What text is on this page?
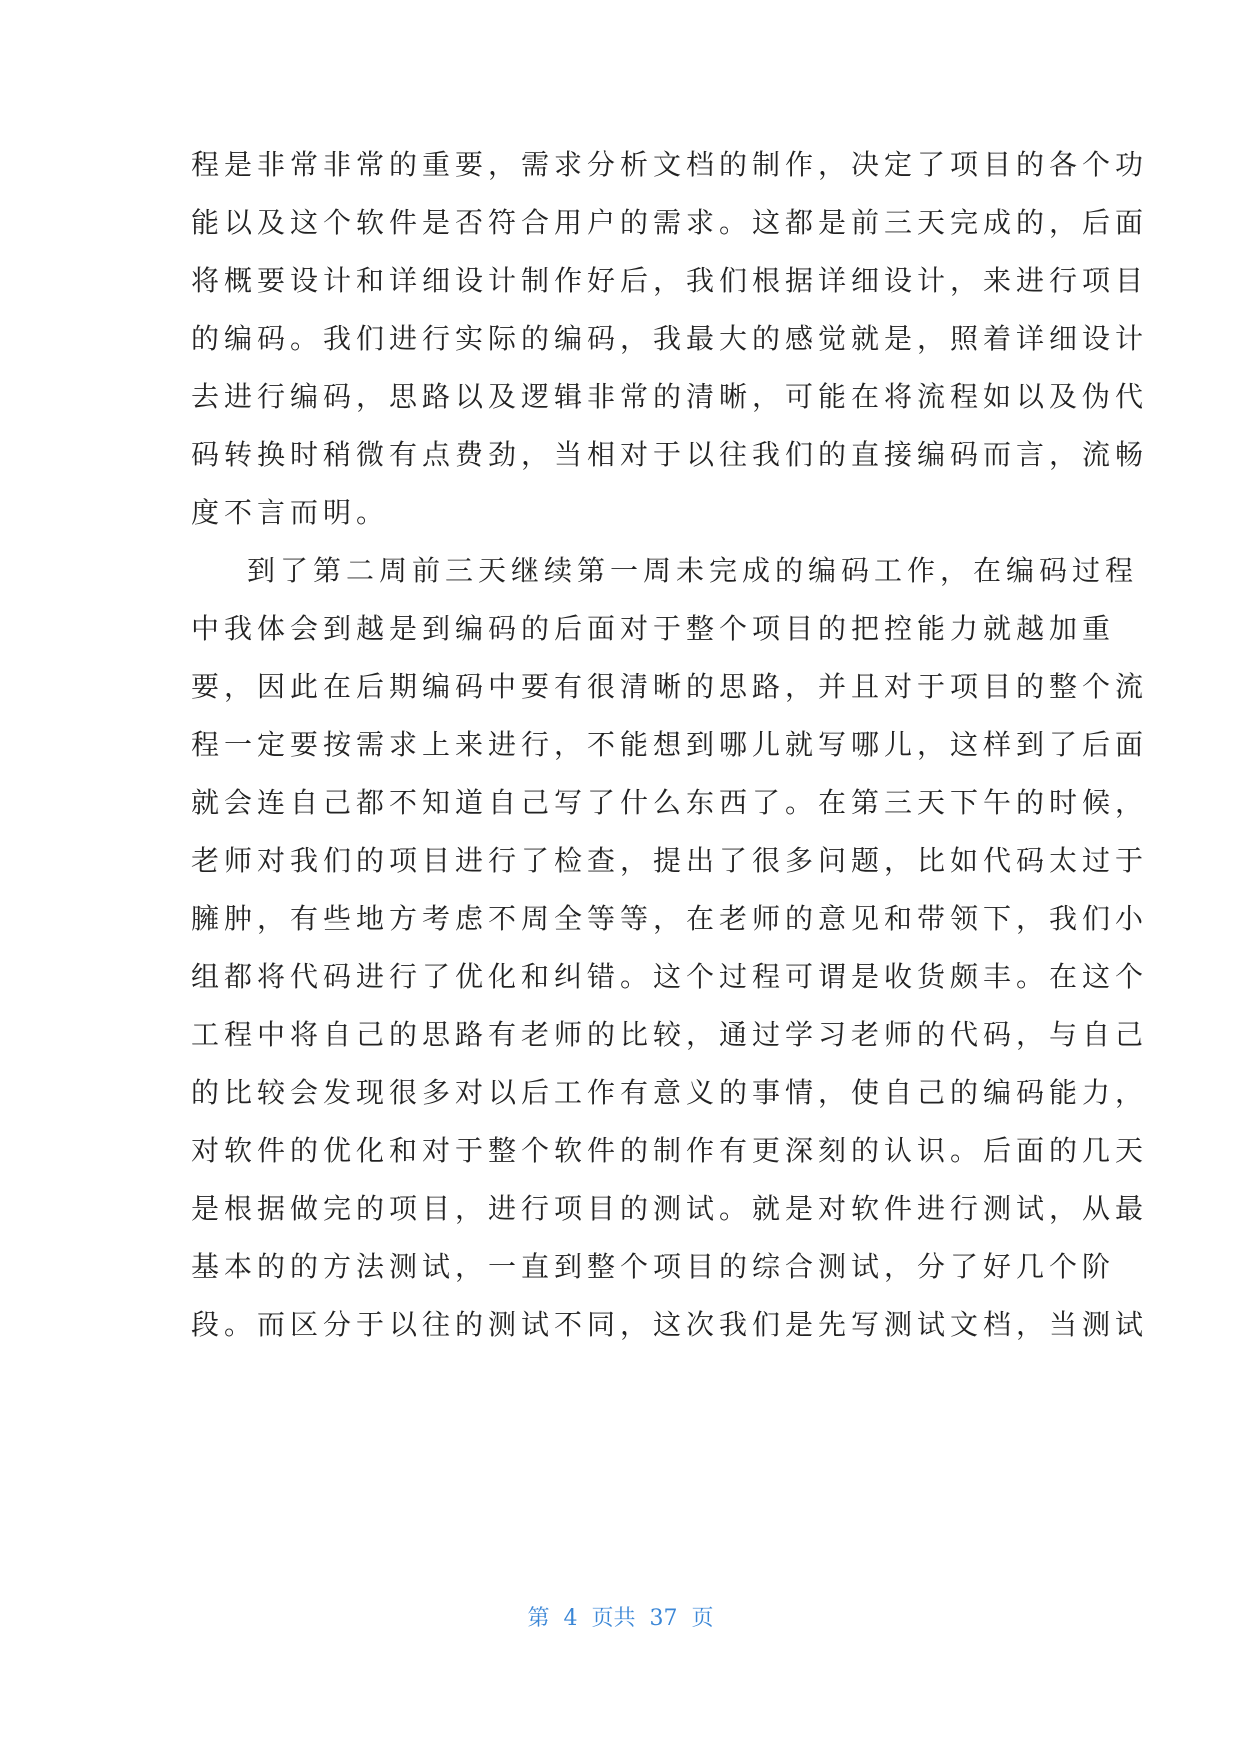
程是非常非常的重要，需求分析文档的制作，决定了项目的各个功
能以及这个软件是否符合用户的需求。这都是前三天完成的，后面
将概要设计和详细设计制作好后，我们根据详细设计，来进行项目
的编码。我们进行实际的编码，我最大的感觉就是，照着详细设计
去进行编码，思路以及逻辑非常的清晰，可能在将流程如以及伪代
码转换时稍微有点费劲，当相对于以往我们的直接编码而言，流畅
度不言而明。
到了第二周前三天继续第一周未完成的编码工作，在编码过程
中我体会到越是到编码的后面对于整个项目的把控能力就越加重
要，因此在后期编码中要有很清晰的思路，并且对于项目的整个流
程一定要按需求上来进行，不能想到哪儿就写哪儿，这样到了后面
就会连自己都不知道自己写了什么东西了。在第三天下午的时候，
老师对我们的项目进行了检查，提出了很多问题，比如代码太过于
臃肿，有些地方考虑不周全等等，在老师的意见和带领下，我们小
组都将代码进行了优化和纠错。这个过程可谓是收货颇丰。在这个
工程中将自己的思路有老师的比较，通过学习老师的代码，与自己
的比较会发现很多对以后工作有意义的事情，使自己的编码能力，
对软件的优化和对于整个软件的制作有更深刻的认识。后面的几天
是根据做完的项目，进行项目的测试。就是对软件进行测试，从最
基本的的方法测试，一直到整个项目的综合测试，分了好几个阶
段。而区分于以往的测试不同，这次我们是先写测试文档，当测试
第  4  页共  37  页
